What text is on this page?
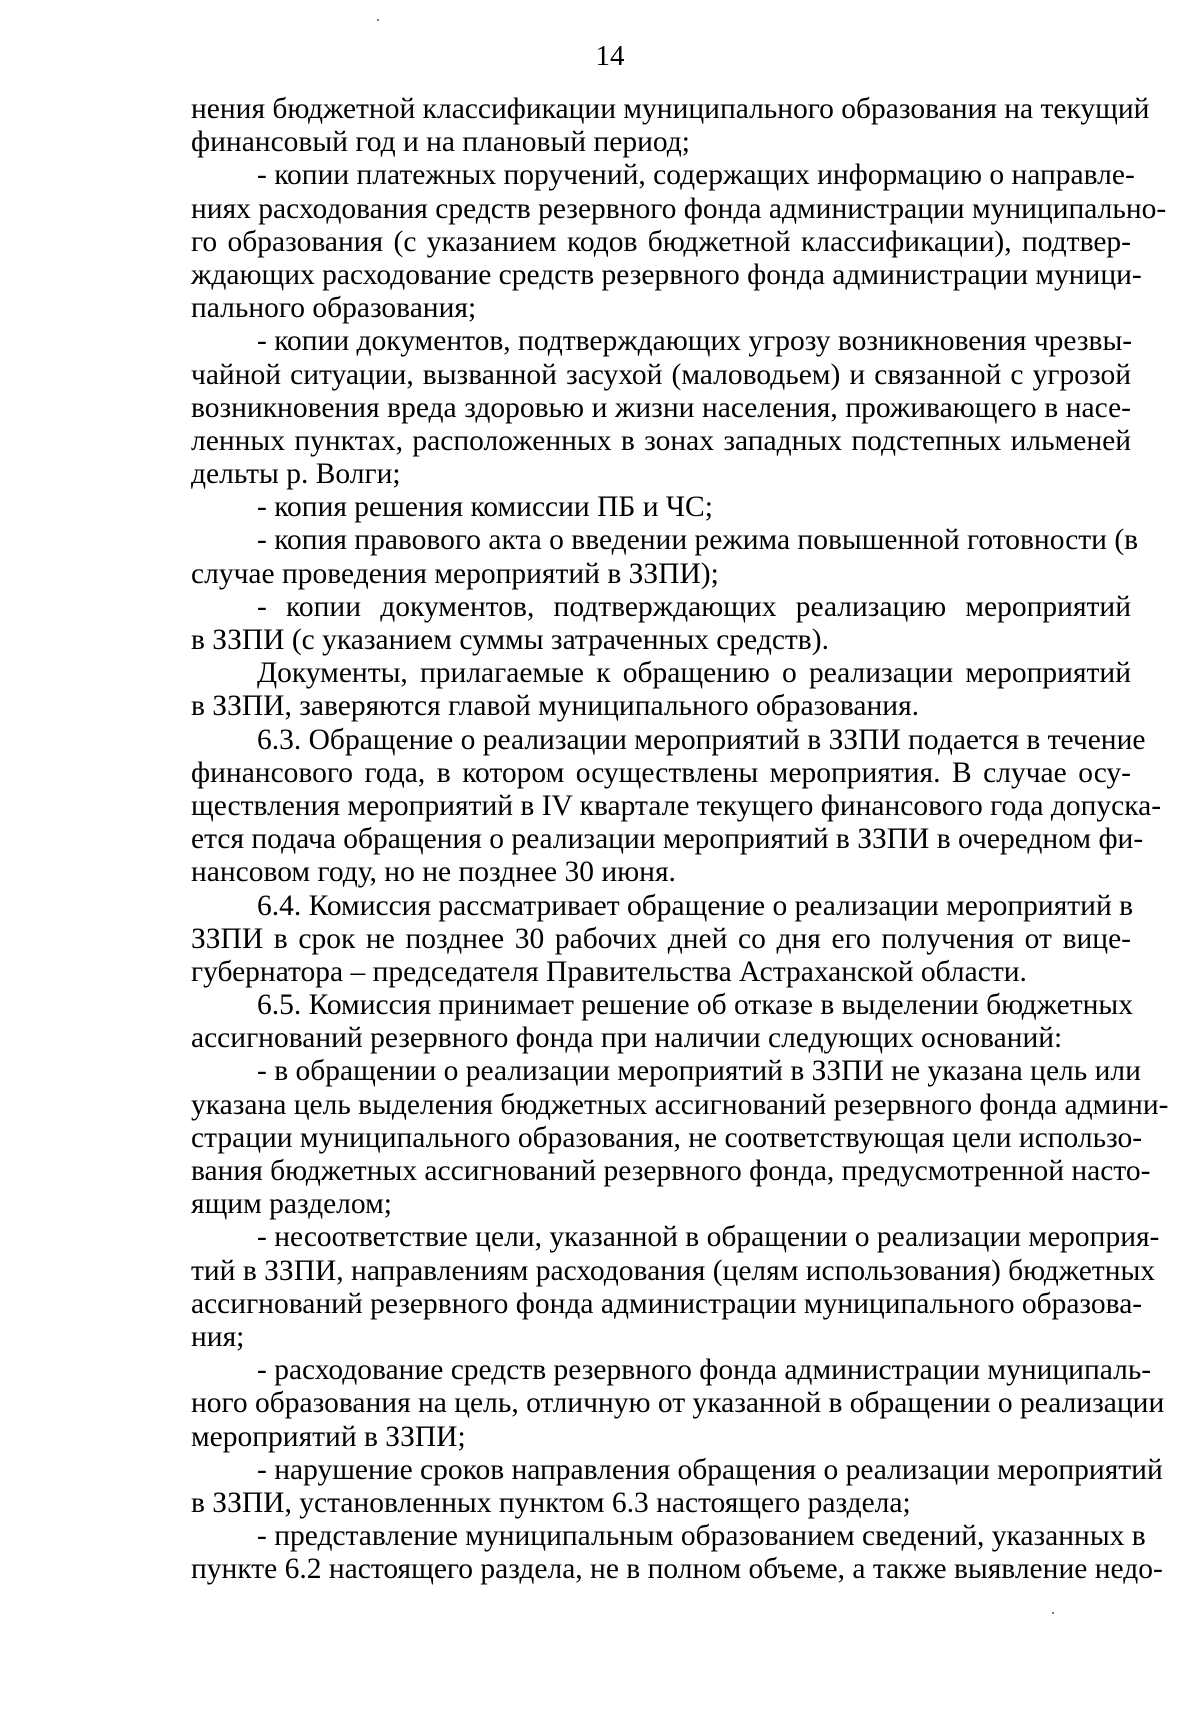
14
нения бюджетной классификации муниципального образования на текущий
финансовый год и на плановый период;
- копии платежных поручений, содержащих информацию о направле-
ниях расходования средств резервного фонда администрации муниципально-
го образования (с указанием кодов бюджетной классификации), подтвер-
ждающих расходование средств резервного фонда администрации муници-
пального образования;
- копии документов, подтверждающих угрозу возникновения чрезвы-
чайной ситуации, вызванной засухой (маловодьем) и связанной с угрозой
возникновения вреда здоровью и жизни населения, проживающего в насе-
ленных пунктах, расположенных в зонах западных подстепных ильменей
дельты р. Волги;
- копия решения комиссии ПБ и ЧС;
- копия правового акта о введении режима повышенной готовности (в
случае проведения мероприятий в ЗЗПИ);
- копии документов, подтверждающих реализацию мероприятий
в ЗЗПИ (с указанием суммы затраченных средств).
Документы, прилагаемые к обращению о реализации мероприятий
в ЗЗПИ, заверяются главой муниципального образования.
6.3. Обращение о реализации мероприятий в ЗЗПИ подается в течение
финансового года, в котором осуществлены мероприятия. В случае осу-
ществления мероприятий в IV квартале текущего финансового года допуска-
ется подача обращения о реализации мероприятий в ЗЗПИ в очередном фи-
нансовом году, но не позднее 30 июня.
6.4. Комиссия рассматривает обращение о реализации мероприятий в
ЗЗПИ в срок не позднее 30 рабочих дней со дня его получения от вице-
губернатора – председателя Правительства Астраханской области.
6.5. Комиссия принимает решение об отказе в выделении бюджетных
ассигнований резервного фонда при наличии следующих оснований:
- в обращении о реализации мероприятий в ЗЗПИ не указана цель или
указана цель выделения бюджетных ассигнований резервного фонда админи-
страции муниципального образования, не соответствующая цели использо-
вания бюджетных ассигнований резервного фонда, предусмотренной насто-
ящим разделом;
- несоответствие цели, указанной в обращении о реализации мероприя-
тий в ЗЗПИ, направлениям расходования (целям использования) бюджетных
ассигнований резервного фонда администрации муниципального образова-
ния;
- расходование средств резервного фонда администрации муниципаль-
ного образования на цель, отличную от указанной в обращении о реализации
мероприятий в ЗЗПИ;
- нарушение сроков направления обращения о реализации мероприятий
в ЗЗПИ, установленных пунктом 6.3 настоящего раздела;
- представление муниципальным образованием сведений, указанных в
пункте 6.2 настоящего раздела, не в полном объеме, а также выявление недо-
